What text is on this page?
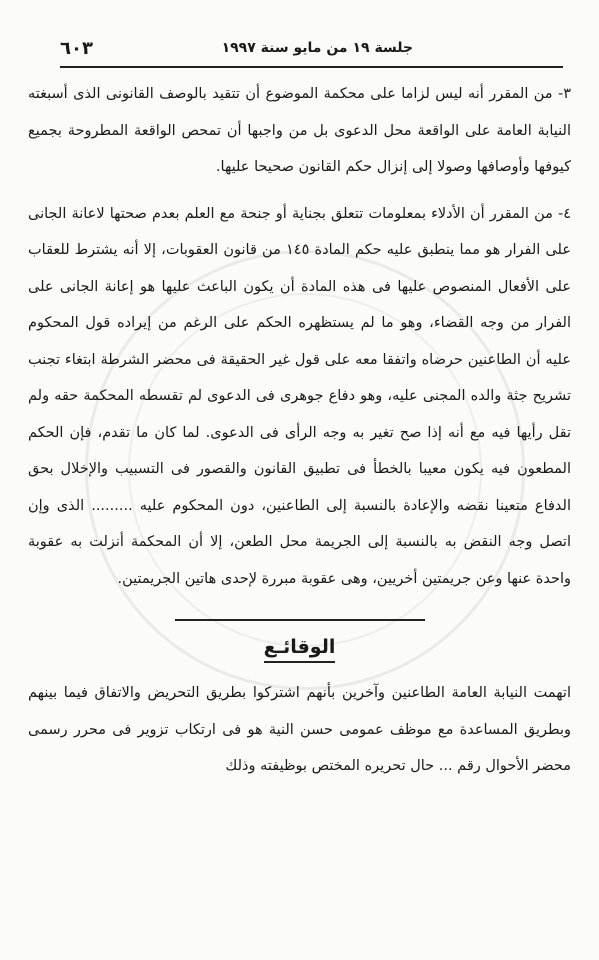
جلسة ١٩ من مايو سنة ١٩٩٧
٦٠٣

٣- من المقرر أنه ليس لزاما على محكمة الموضوع أن تتقيد بالوصف القانونى الذى أسبغته النيابة العامة على الواقعة محل الدعوى بل من واجبها أن تمحص الواقعة المطروحة بجميع كيوفها وأوصافها وصولا إلى إنزال حكم القانون صحيحا عليها.

٤- من المقرر أن الأدلاء بمعلومات تتعلق بجناية أو جنحة مع العلم بعدم صحتها لاعانة الجانى على الفرار هو مما ينطبق عليه حكم المادة ١٤٥ من قانون العقوبات، إلا أنه يشترط للعقاب على الأفعال المنصوص عليها فى هذه المادة أن يكون الباعث عليها هو إعانة الجانى على الفرار من وجه القضاء، وهو ما لم يستظهره الحكم على الرغم من إيراده قول المحكوم عليه أن الطاعنين حرضاه واتفقا معه على قول غير الحقيقة فى محضر الشرطة ابتغاء تجنب تشريح جثة والده المجنى عليه، وهو دفاع جوهرى فى الدعوى لم تقسطه المحكمة حقه ولم تقل رأيها فيه مع أنه إذا صح تغير به وجه الرأى فى الدعوى. لما كان ما تقدم، فإن الحكم المطعون فيه يكون معيبا بالخطأ فى تطبيق القانون والقصور فى التسبيب والإخلال بحق الدفاع متعينا نقضه والإعادة بالنسبة إلى الطاعنين، دون المحكوم عليه ......... الذى وإن اتصل وجه النقض به بالنسبة إلى الجريمة محل الطعن، إلا أن المحكمة أنزلت به عقوبة واحدة عنها وعن جريمتين أخريين، وهى عقوبة مبررة لإحدى هاتين الجريمتين.

الوقائـع

اتهمت النيابة العامة الطاعنين وآخرين بأنهم اشتركوا بطريق التحريض والاتفاق فيما بينهم وبطريق المساعدة مع موظف عمومى حسن النية هو فى ارتكاب تزوير فى محرر رسمى محضر الأحوال رقم ... حال تحريره المختص بوظيفته وذلك
